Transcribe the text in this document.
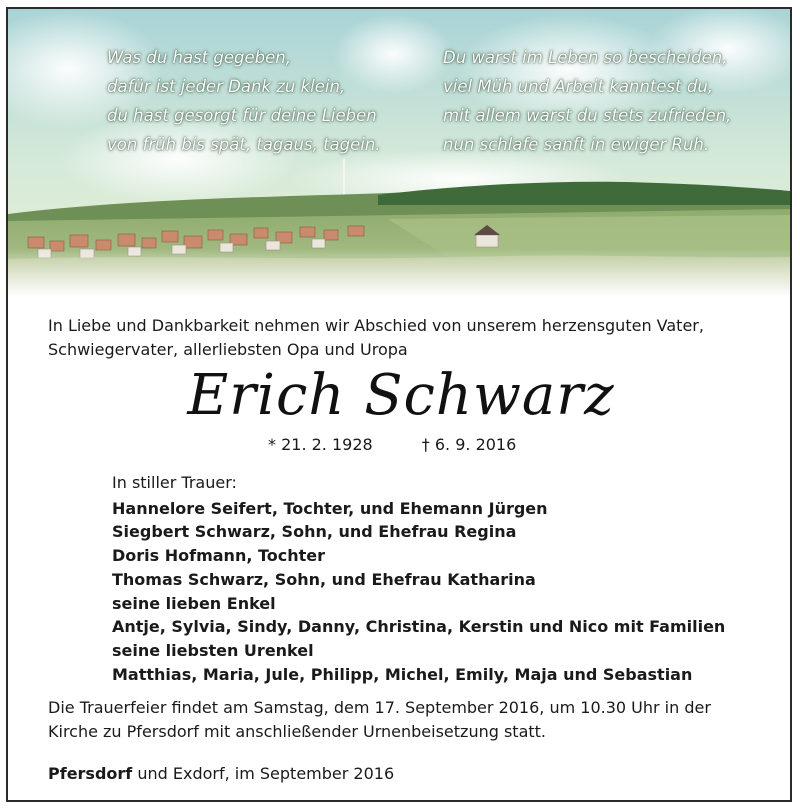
Was du hast gegeben,
dafür ist jeder Dank zu klein,
du hast gesorgt für deine Lieben
von früh bis spät, tagaus, tagein.
Du warst im Leben so bescheiden,
viel Müh und Arbeit kanntest du,
mit allem warst du stets zufrieden,
nun schlafe sanft in ewiger Ruh.
In Liebe und Dankbarkeit nehmen wir Abschied von unserem herzensguten Vater,
Schwiegervater, allerliebsten Opa und Uropa
Erich Schwarz
* 21. 2. 1928	† 6. 9. 2016
In stiller Trauer:
Hannelore Seifert, Tochter, und Ehemann Jürgen
Siegbert Schwarz, Sohn, und Ehefrau Regina
Doris Hofmann, Tochter
Thomas Schwarz, Sohn, und Ehefrau Katharina
seine lieben Enkel
Antje, Sylvia, Sindy, Danny, Christina, Kerstin und Nico mit Familien
seine liebsten Urenkel
Matthias, Maria, Jule, Philipp, Michel, Emily, Maja und Sebastian
Die Trauerfeier findet am Samstag, dem 17. September 2016, um 10.30 Uhr in der
Kirche zu Pfersdorf mit anschließender Urnenbeisetzung statt.
Pfersdorf und Exdorf, im September 2016
